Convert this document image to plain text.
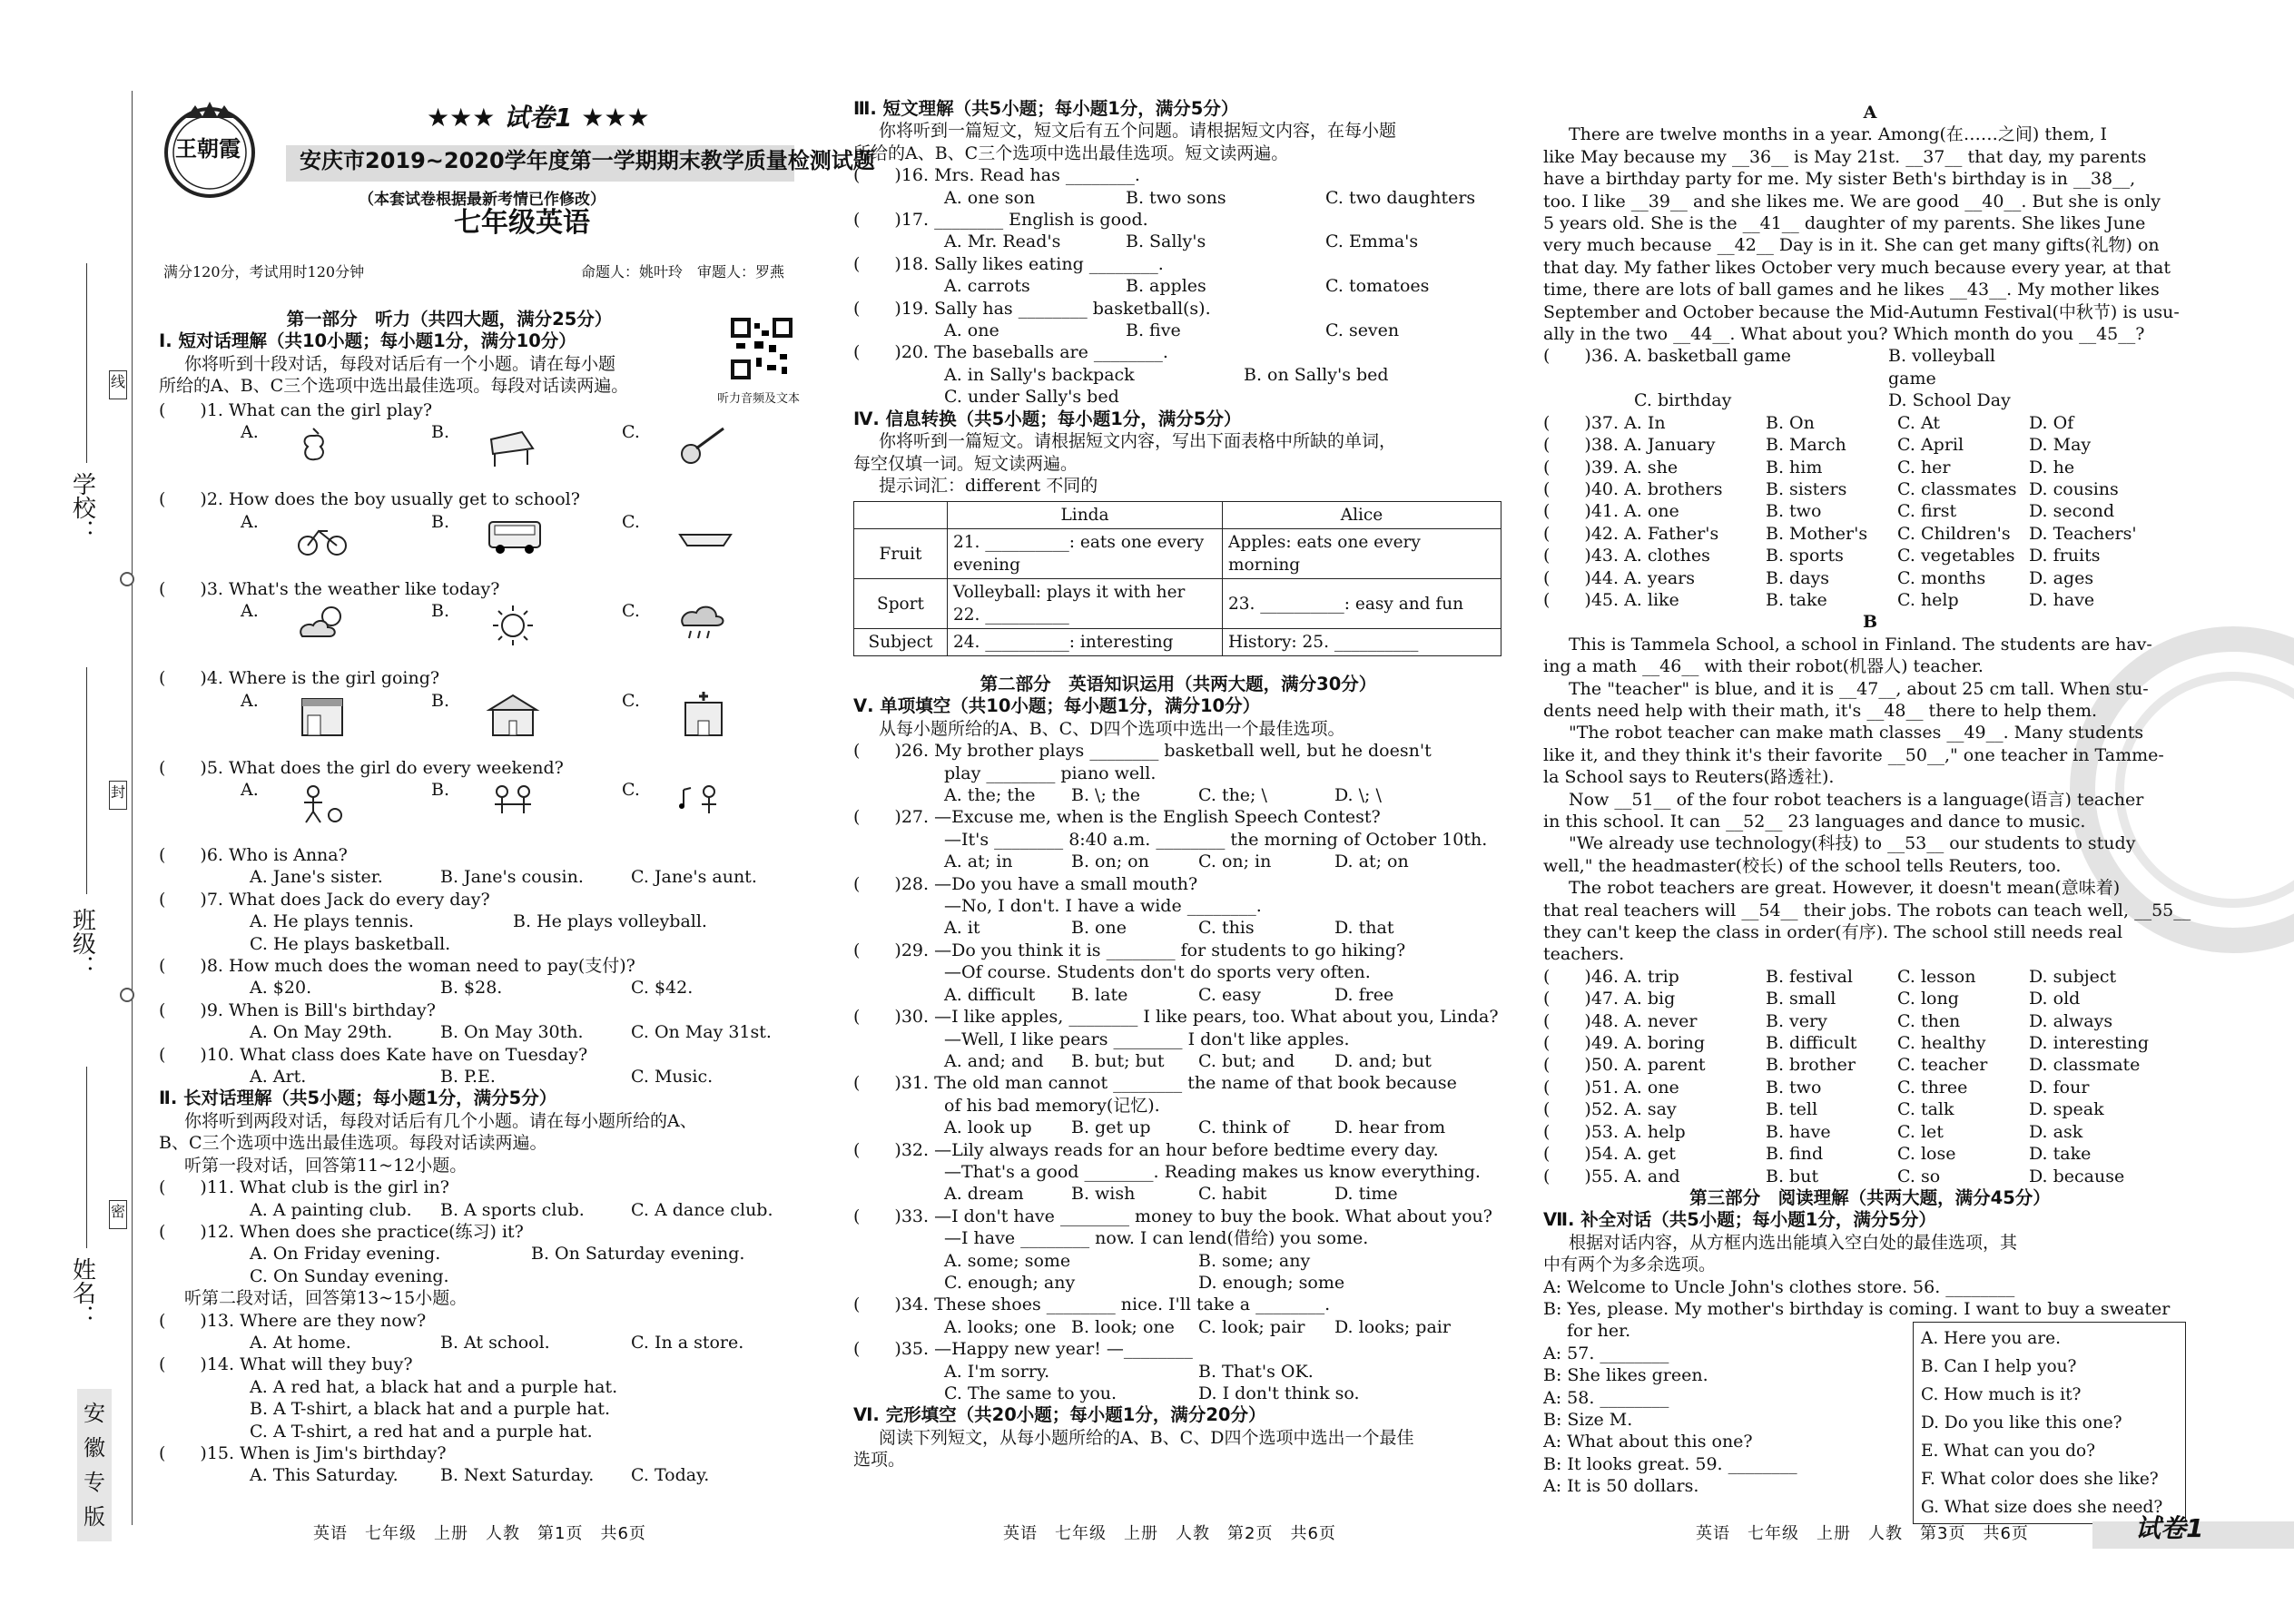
学校：
班级：
姓名：
线
封
密
安
徽
专
版
王朝霞
★★★ 试卷1 ★★★
安庆市2019~2020学年度第一学期期末教学质量检测试题
（本套试卷根据最新考情已作修改）
七年级英语
满分120分，考试用时120分钟	命题人：姚叶玲　审题人：罗燕
听力音频及文本
第一部分　听力（共四大题，满分25分）
Ⅰ. 短对话理解（共10小题；每小题1分，满分10分）
你将听到十段对话，每段对话后有一个小题。请在每小题
所给的A、B、C三个选项中选出最佳选项。每段对话读两遍。
(　　)1. What can the girl play?
A.	B.	C.
(　　)2. How does the boy usually get to school?
A.	B.	C.
(　　)3. What's the weather like today?
A.	B.	C.
(　　)4. Where is the girl going?
A.	B.	C.
(　　)5. What does the girl do every weekend?
A.	B.	C.
(　　)6. Who is Anna?
A. Jane's sister.	B. Jane's cousin.	C. Jane's aunt.
(　　)7. What does Jack do every day?
A. He plays tennis.	B. He plays volleyball.
C. He plays basketball.
(　　)8. How much does the woman need to pay(支付)?
A. $20.	B. $28.	C. $42.
(　　)9. When is Bill's birthday?
A. On May 29th.	B. On May 30th.	C. On May 31st.
(　　)10. What class does Kate have on Tuesday?
A. Art.	B. P.E.	C. Music.
Ⅱ. 长对话理解（共5小题；每小题1分，满分5分）
你将听到两段对话，每段对话后有几个小题。请在每小题所给的A、
B、C三个选项中选出最佳选项。每段对话读两遍。
听第一段对话，回答第11~12小题。
(　　)11. What club is the girl in?
A. A painting club.	B. A sports club.	C. A dance club.
(　　)12. When does she practice(练习) it?
A. On Friday evening.	B. On Saturday evening.
C. On Sunday evening.
听第二段对话，回答第13~15小题。
(　　)13. Where are they now?
A. At home.	B. At school.	C. In a store.
(　　)14. What will they buy?
A. A red hat, a black hat and a purple hat.
B. A T-shirt, a black hat and a purple hat.
C. A T-shirt, a red hat and a purple hat.
(　　)15. When is Jim's birthday?
A. This Saturday.	B. Next Saturday.	C. Today.
Ⅲ. 短文理解（共5小题；每小题1分，满分5分）
你将听到一篇短文，短文后有五个问题。请根据短文内容，在每小题
所给的A、B、C三个选项中选出最佳选项。短文读两遍。
(　　)16. Mrs. Read has ________.
A. one son	B. two sons	C. two daughters
(　　)17. ________ English is good.
A. Mr. Read's	B. Sally's	C. Emma's
(　　)18. Sally likes eating ________.
A. carrots	B. apples	C. tomatoes
(　　)19. Sally has ________ basketball(s).
A. one	B. five	C. seven
(　　)20. The baseballs are ________.
A. in Sally's backpack	B. on Sally's bed
C. under Sally's bed
Ⅳ. 信息转换（共5小题；每小题1分，满分5分）
你将听到一篇短文。请根据短文内容，写出下面表格中所缺的单词，
每空仅填一词。短文读两遍。
提示词汇：different 不同的
	Linda	Alice
Fruit	21. __________: eats one every evening	Apples: eats one every morning
Sport	Volleyball: plays it with her 22. __________	23. __________: easy and fun
Subject	24. __________: interesting	History: 25. __________
第二部分　英语知识运用（共两大题，满分30分）
Ⅴ. 单项填空（共10小题；每小题1分，满分10分）
从每小题所给的A、B、C、D四个选项中选出一个最佳选项。
(　　)26. My brother plays ________ basketball well, but he doesn't
play ________ piano well.
A. the; the	B. \; the	C. the; \	D. \; \
(　　)27. —Excuse me, when is the English Speech Contest?
—It's ________ 8:40 a.m. ________ the morning of October 10th.
A. at; in	B. on; on	C. on; in	D. at; on
(　　)28. —Do you have a small mouth?
—No, I don't. I have a wide ________.
A. it	B. one	C. this	D. that
(　　)29. —Do you think it is ________ for students to go hiking?
—Of course. Students don't do sports very often.
A. difficult	B. late	C. easy	D. free
(　　)30. —I like apples, ________ I like pears, too. What about you, Linda?
—Well, I like pears ________ I don't like apples.
A. and; and	B. but; but	C. but; and	D. and; but
(　　)31. The old man cannot ________ the name of that book because
of his bad memory(记忆).
A. look up	B. get up	C. think of	D. hear from
(　　)32. —Lily always reads for an hour before bedtime every day.
—That's a good ________. Reading makes us know everything.
A. dream	B. wish	C. habit	D. time
(　　)33. —I don't have ________ money to buy the book. What about you?
—I have ________ now. I can lend(借给) you some.
A. some; some	B. some; any
C. enough; any	D. enough; some
(　　)34. These shoes ________ nice. I'll take a ________.
A. looks; one B. look; one	C. look; pair	D. looks; pair
(　　)35. —Happy new year! —________
A. I'm sorry.	B. That's OK.
C. The same to you.	D. I don't think so.
Ⅵ. 完形填空（共20小题；每小题1分，满分20分）
阅读下列短文，从每小题所给的A、B、C、D四个选项中选出一个最佳
选项。
A
There are twelve months in a year. Among(在……之间) them, I
like May because my __36__ is May 21st. __37__ that day, my parents
have a birthday party for me. My sister Beth's birthday is in __38__,
too. I like __39__ and she likes me. We are good __40__. But she is only
5 years old. She is the __41__ daughter of my parents. She likes June
very much because __42__ Day is in it. She can get many gifts(礼物) on
that day. My father likes October very much because every year, at that
time, there are lots of ball games and he likes __43__. My mother likes
September and October because the Mid-Autumn Festival(中秋节) is usu-
ally in the two __44__. What about you? Which month do you __45__?
(　　)36. A. basketball game	B. volleyball game
C. birthday	D. School Day
(　　)37. A. In	B. On	C. At	D. Of
(　　)38. A. January	B. March	C. April	D. May
(　　)39. A. she	B. him	C. her	D. he
(　　)40. A. brothers	B. sisters	C. classmates D. cousins
(　　)41. A. one	B. two	C. first	D. second
(　　)42. A. Father's	B. Mother's	C. Children's	D. Teachers'
(　　)43. A. clothes	B. sports	C. vegetables D. fruits
(　　)44. A. years	B. days	C. months	D. ages
(　　)45. A. like	B. take	C. help	D. have
B
This is Tammela School, a school in Finland. The students are hav-
ing a math __46__ with their robot(机器人) teacher.
The "teacher" is blue, and it is __47__, about 25 cm tall. When stu-
dents need help with their math, it's __48__ there to help them.
"The robot teacher can make math classes __49__. Many students
like it, and they think it's their favorite __50__," one teacher in Tamme-
la School says to Reuters(路透社).
Now __51__ of the four robot teachers is a language(语言) teacher
in this school. It can __52__ 23 languages and dance to music.
"We already use technology(科技) to __53__ our students to study
well," the headmaster(校长) of the school tells Reuters, too.
The robot teachers are great. However, it doesn't mean(意味着)
that real teachers will __54__ their jobs. The robots can teach well, __55__
they can't keep the class in order(有序). The school still needs real
teachers.
(　　)46. A. trip	B. festival	C. lesson	D. subject
(　　)47. A. big	B. small	C. long	D. old
(　　)48. A. never	B. very	C. then	D. always
(　　)49. A. boring	B. difficult	C. healthy	D. interesting
(　　)50. A. parent	B. brother	C. teacher	D. classmate
(　　)51. A. one	B. two	C. three	D. four
(　　)52. A. say	B. tell	C. talk	D. speak
(　　)53. A. help	B. have	C. let	D. ask
(　　)54. A. get	B. find	C. lose	D. take
(　　)55. A. and	B. but	C. so	D. because
第三部分　阅读理解（共两大题，满分45分）
Ⅶ. 补全对话（共5小题；每小题1分，满分5分）
根据对话内容，从方框内选出能填入空白处的最佳选项，其
中有两个为多余选项。
A: Welcome to Uncle John's clothes store. 56. ________
B: Yes, please. My mother's birthday is coming. I want to buy a sweater
for her.
A: 57. ________
B: She likes green.
A: 58. ________
B: Size M.
A: What about this one?
B: It looks great. 59. ________
A: It is 50 dollars.
A. Here you are.
B. Can I help you?
C. How much is it?
D. Do you like this one?
E. What can you do?
F. What color does she like?
G. What size does she need?
英语　七年级　上册　人教　第1页　共6页	英语　七年级　上册　人教　第2页　共6页	英语　七年级　上册　人教　第3页　共6页	试卷1
